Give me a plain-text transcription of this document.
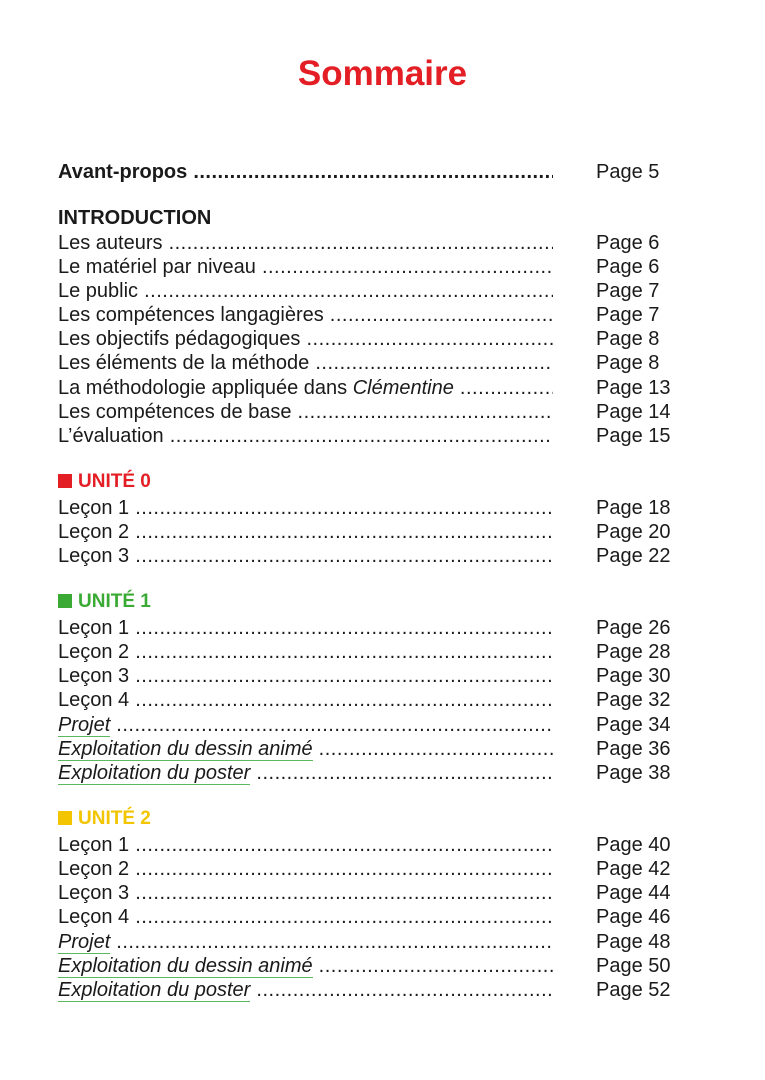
Sommaire
Avant-propos .....	Page 5
INTRODUCTION
Les auteurs .....	Page 6
Le matériel par niveau .....	Page 6
Le public .....	Page 7
Les compétences langagières .....	Page 7
Les objectifs pédagogiques .....	Page 8
Les éléments de la méthode .....	Page 8
La méthodologie appliquée dans Clémentine .....	Page 13
Les compétences de base .....	Page 14
L’évaluation .....	Page 15
UNITÉ 0
Leçon 1 .....	Page 18
Leçon 2 .....	Page 20
Leçon 3 .....	Page 22
UNITÉ 1
Leçon 1 .....	Page 26
Leçon 2 .....	Page 28
Leçon 3 .....	Page 30
Leçon 4 .....	Page 32
Projet .....	Page 34
Exploitation du dessin animé .....	Page 36
Exploitation du poster .....	Page 38
UNITÉ 2
Leçon 1 .....	Page 40
Leçon 2 .....	Page 42
Leçon 3 .....	Page 44
Leçon 4 .....	Page 46
Projet .....	Page 48
Exploitation du dessin animé .....	Page 50
Exploitation du poster .....	Page 52
